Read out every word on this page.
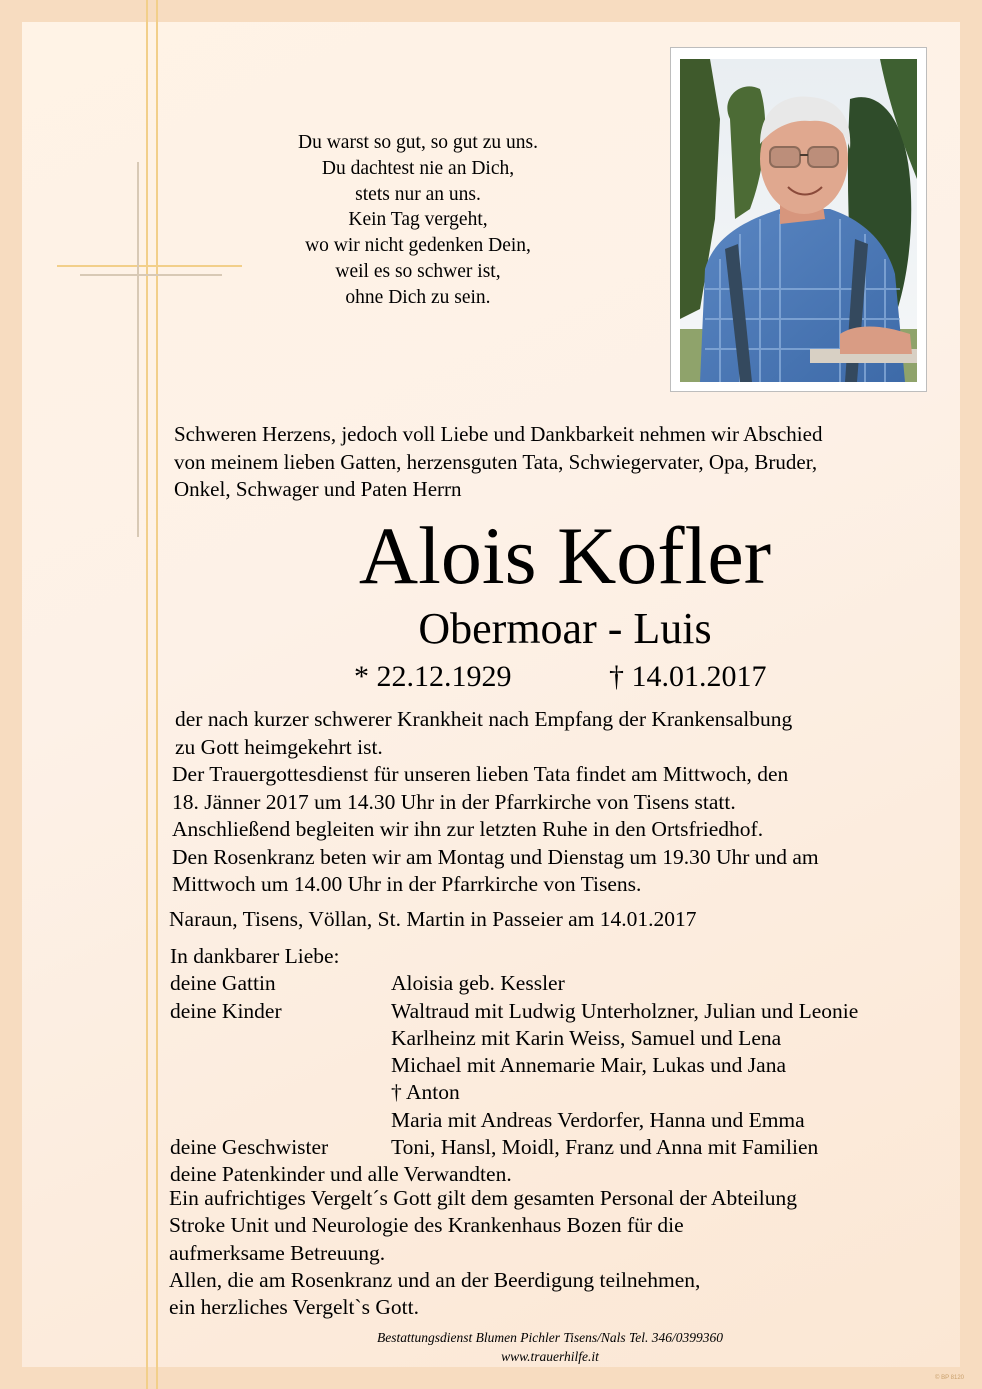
Du warst so gut, so gut zu uns.
Du dachtest nie an Dich,
stets nur an uns.
Kein Tag vergeht,
wo wir nicht gedenken Dein,
weil es so schwer ist,
ohne Dich zu sein.
Schweren Herzens, jedoch voll Liebe und Dankbarkeit nehmen wir Abschied
von meinem lieben Gatten, herzensguten Tata, Schwiegervater, Opa, Bruder,
Onkel, Schwager und Paten Herrn
Alois Kofler
Obermoar - Luis
* 22.12.1929	† 14.01.2017
der nach kurzer schwerer Krankheit nach Empfang der Krankensalbung
zu Gott heimgekehrt ist.
Der Trauergottesdienst für unseren lieben Tata findet am Mittwoch, den
18. Jänner 2017 um 14.30 Uhr in der Pfarrkirche von Tisens statt.
Anschließend begleiten wir ihn zur letzten Ruhe in den Ortsfriedhof.
Den Rosenkranz beten wir am Montag und Dienstag um 19.30 Uhr und am
Mittwoch um 14.00 Uhr in der Pfarrkirche von Tisens.
Naraun, Tisens, Völlan, St. Martin in Passeier am 14.01.2017
In dankbarer Liebe:
deine Gattin	Aloisia geb. Kessler
deine Kinder	Waltraud mit Ludwig Unterholzner, Julian und Leonie
Karlheinz mit Karin Weiss, Samuel und Lena
Michael mit Annemarie Mair, Lukas und Jana
† Anton
Maria mit Andreas Verdorfer, Hanna und Emma
deine Geschwister	Toni, Hansl, Moidl, Franz und Anna mit Familien
deine Patenkinder und alle Verwandten.
Ein aufrichtiges Vergelt´s Gott gilt dem gesamten Personal der Abteilung
Stroke Unit und Neurologie des Krankenhaus Bozen für die
aufmerksame Betreuung.
Allen, die am Rosenkranz und an der Beerdigung teilnehmen,
ein herzliches Vergelt`s Gott.
Bestattungsdienst Blumen Pichler Tisens/Nals Tel. 346/0399360
www.trauerhilfe.it
© BP 8120
